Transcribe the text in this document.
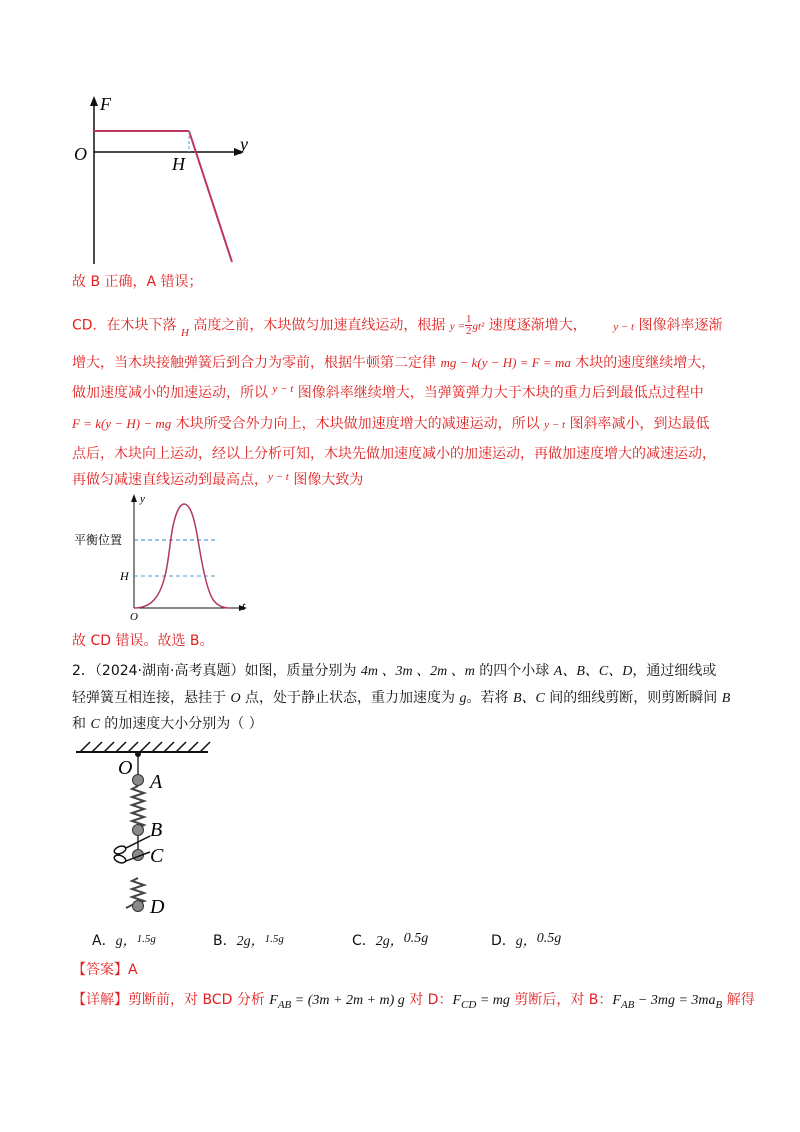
F
y
O	H
故 B 正确，A 错误；
CD．在木块下落 $_H$ 高度之前，木块做匀加速直线运动，根据 $y = \frac{1}{2} gt^2$ 速度逐渐增大， y − t 图像斜率逐渐
增大，当木块接触弹簧后到合力为零前，根据牛顿第二定律 mg − k(y − H) = F = ma 木块的速度继续增大，
做加速度减小的加速运动，所以 $^{y - t}$ 图像斜率继续增大，当弹簧弹力大于木块的重力后到最低点过程中
F = k(y − H) − mg 木块所受合外力向上，木块做加速度增大的减速运动，所以 y − t 图斜率减小，到达最低
点后，木块向上运动，经以上分析可知，木块先做加速度减小的加速运动，再做加速度增大的减速运动，
再做匀减速直线运动到最高点，$^{y - t}$ 图像大致为
y
t
O
H
平衡位置
故 CD 错误。故选 B。
2．（2024·湖南·高考真题）如图，质量分别为 4m 、3m 、2m 、m 的四个小球 A、B、C、D，通过细线或
轻弹簧互相连接，悬挂于 O 点，处于静止状态，重力加速度为 g。若将 B、C 间的细线剪断，则剪断瞬间 B
和 C 的加速度大小分别为（ ）
O
A
B
C
D
A．g，$^{1.5g}$	B．2g，$^{1.5g}$	C．2g，0.5g	D．g，0.5g
【答案】A
【详解】剪断前，对 BCD 分析 $F_{AB} = (3m + 2m + m)$ g 对 D：$F_{CD}$ = mg 剪断后，对 B：$F_{AB} - 3mg = 3ma_B$ 解得
